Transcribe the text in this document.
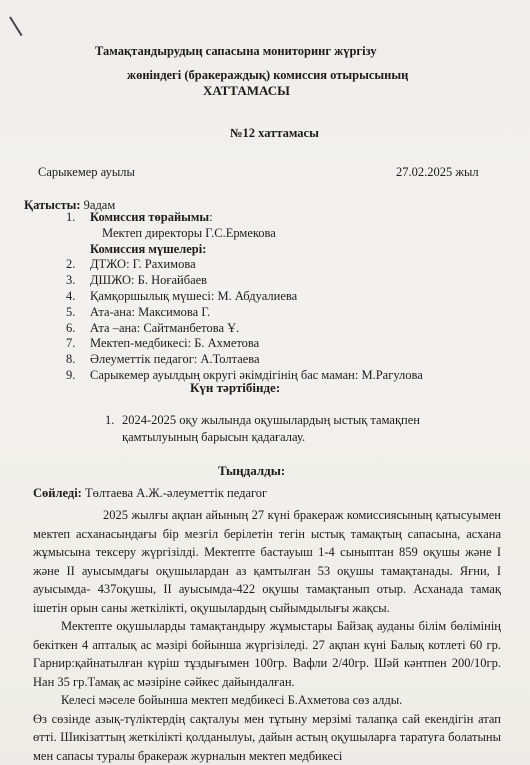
Тамақтандырудың сапасына мониторинг жүргізу
жөніндегі (бракераждық) комиссия отырысының
ХАТТАМАСЫ
№12 хаттамасы
Сарыкемер ауылы	27.02.2025 жыл
Қатысты: 9адам
1. Комиссия төрайымы:
Мектеп директоры Г.С.Ермекова
Комиссия мүшелері:
2. ДТЖО: Г. Рахимова
3. ДШЖО: Б. Ноғайбаев
4. Қамқоршылық мүшесі: М. Абдуалиева
5. Ата-ана: Максимова Г.
6. Ата –ана: Сайтманбетова Ұ.
7. Мектеп-медбикесі: Б. Ахметова
8. Әлеуметтік педагог: А.Толтаева
9. Сарыкемер ауылдың округі әкімдігінің бас маман: М.Рагулова
Күн тәртібінде:
1. 2024-2025 оқу жылында оқушылардың ыстық тамақпен қамтылуының барысын қадағалау.
Тыңдалды:
Сөйледі: Төлтаева А.Ж.-әлеуметтік педагог
2025 жылғы ақпан айының 27 күні бракераж комиссиясының қатысуымен мектеп асханасындағы бір мезгіл берілетін тегін ыстық тамақтың сапасына, асхана жұмысына тексеру жүргізілді. Мектепте бастауыш 1-4 сыныптан 859 оқушы және I және II ауысымдағы оқушылардан аз қамтылған 53 оқушы тамақтанады. Яғни, I ауысымда- 437оқушы, II ауысымда-422 оқушы тамақтанып отыр. Асханада тамақ ішетін орын саны жеткілікті, оқушылардың сыйымдылығы жақсы.
Мектепте оқушыларды тамақтандыру жұмыстары Байзақ ауданы білім бөлімінің бекіткен 4 апталық ас мәзірі бойынша жүргізіледі. 27 ақпан күні Балық котлеті 60 гр. Гарнир:қайнатылған күріш тұздығымен 100гр. Вафли 2/40гр. Шәй кәнтпен 200/10гр. Нан 35 гр.Тамақ ас мәзіріне сәйкес дайындалған.
Келесі мәселе бойынша мектеп медбикесі Б.Ахметова сөз алды.
Өз сөзінде азық-түліктердің сақталуы мен тұтыну мерзімі талапқа сай екендігін атап өтті. Шикізаттың жеткілікті қолданылуы, дайын астың оқушыларға таратуға болатыны мен сапасы туралы бракераж журналын мектеп медбикесі
